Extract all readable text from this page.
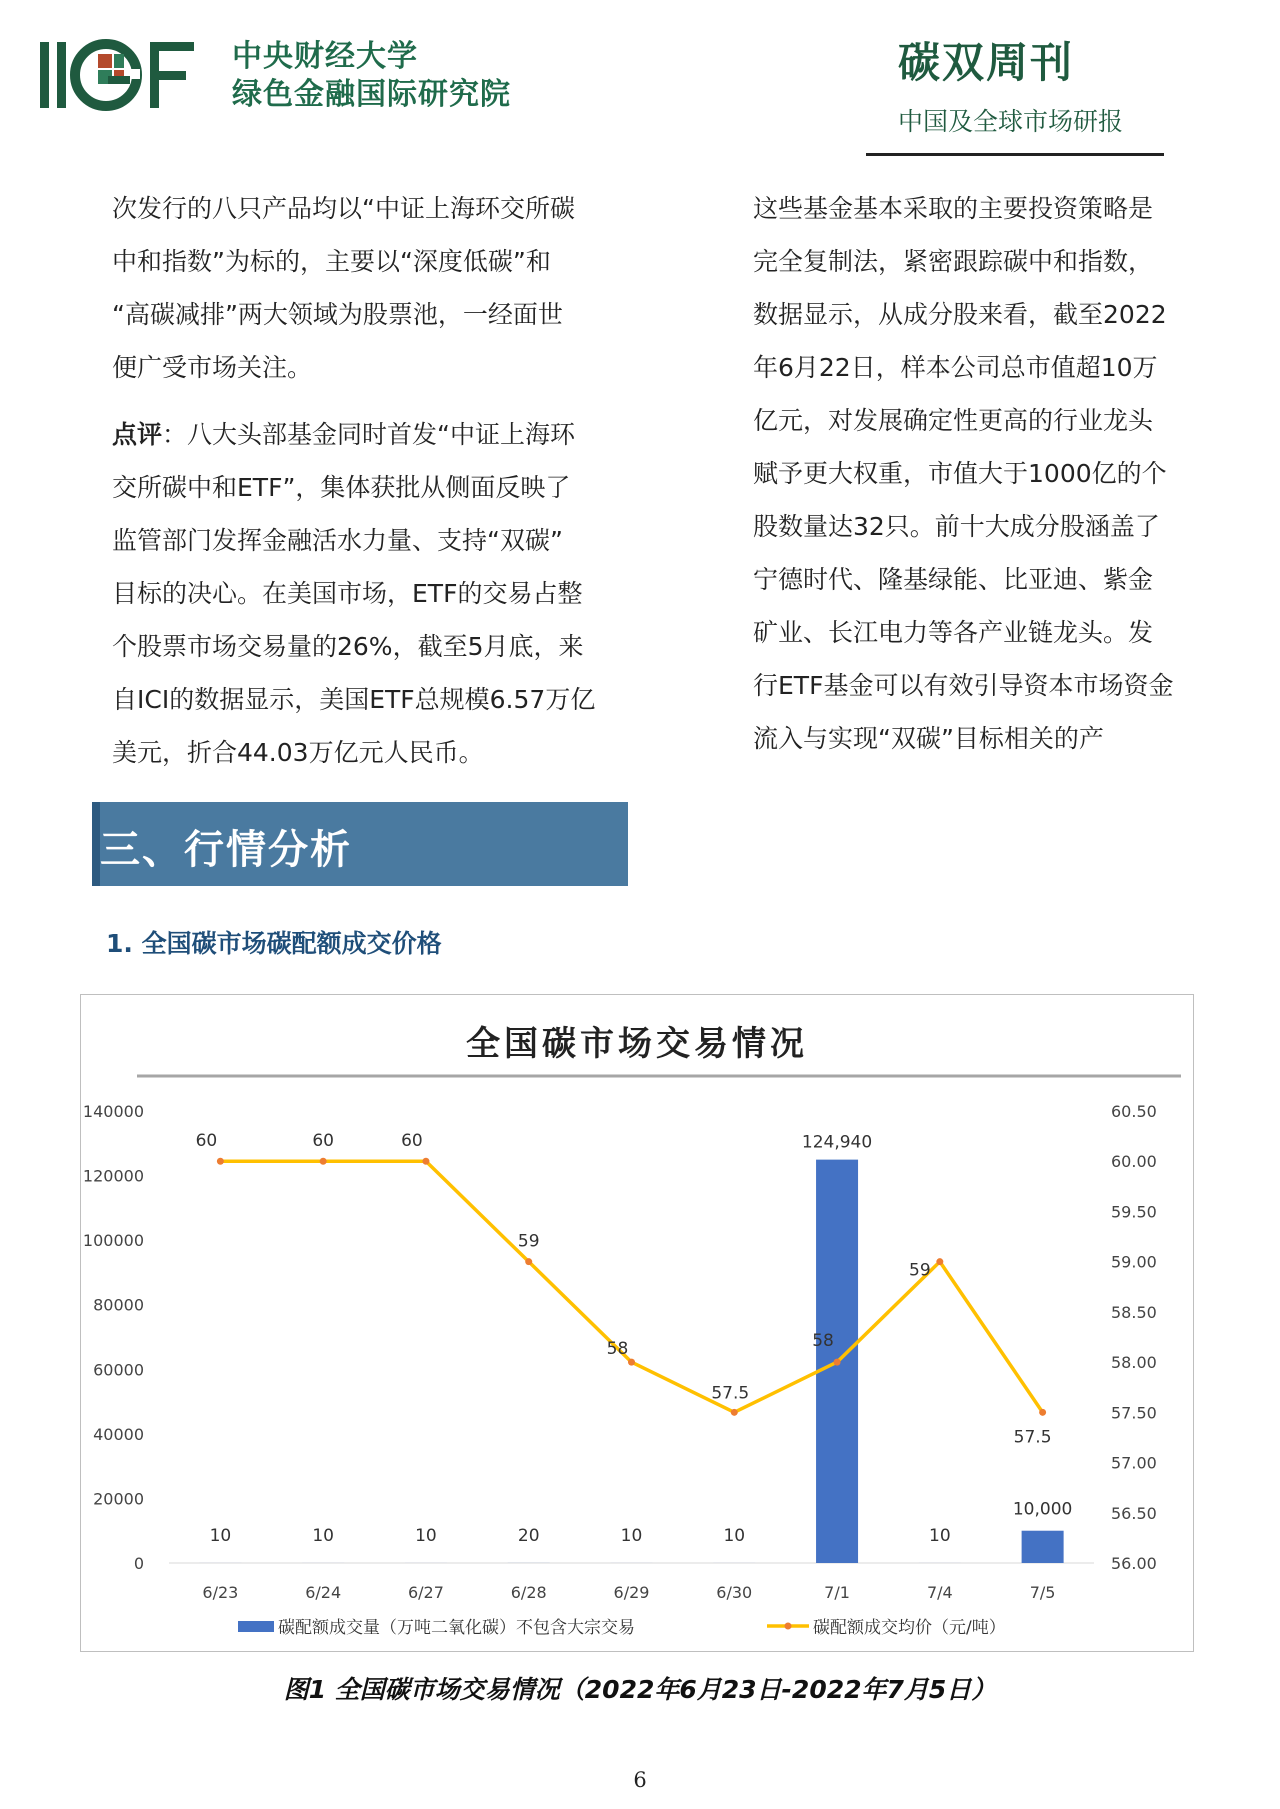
中央财经大学
绿色金融国际研究院
碳双周刊
中国及全球市场研报

次发行的八只产品均以“中证上海环交所碳

中和指数”为标的，主要以“深度低碳”和

“高碳减排”两大领域为股票池，一经面世

便广受市场关注。

点评：八大头部基金同时首发“中证上海环

交所碳中和ETF”，集体获批从侧面反映了

监管部门发挥金融活水力量、支持“双碳”

目标的决心。在美国市场，ETF的交易占整

个股票市场交易量的26%，截至5月底，来

自ICI的数据显示，美国ETF总规模6.57万亿

美元，折合44.03万亿元人民币。

这些基金基本采取的主要投资策略是

完全复制法，紧密跟踪碳中和指数，

数据显示，从成分股来看，截至2022

年6月22日，样本公司总市值超10万

亿元，对发展确定性更高的行业龙头

赋予更大权重，市值大于1000亿的个

股数量达32只。前十大成分股涵盖了

宁德时代、隆基绿能、比亚迪、紫金

矿业、长江电力等各产业链龙头。发

行ETF基金可以有效引导资本市场资金

流入与实现“双碳”目标相关的产

三、行情分析
1. 全国碳市场碳配额成交价格
全国碳市场交易情况
0
20000
40000
60000
80000
100000
120000
140000
56.00
56.50
57.00
57.50
58.00
58.50
59.00
59.50
60.00
60.50
10	10	10	20	10	10
124,940
10
10,000
60	60	60
59
58
57.5
58
59
57.5
6/23	6/24	6/27	6/28	6/29	6/30	7/1	7/4	7/5
碳配额成交量（万吨二氧化碳）不包含大宗交易	碳配额成交均价（元/吨）
图1 全国碳市场交易情况（2022年6月23日-2022年7月5日）
6
